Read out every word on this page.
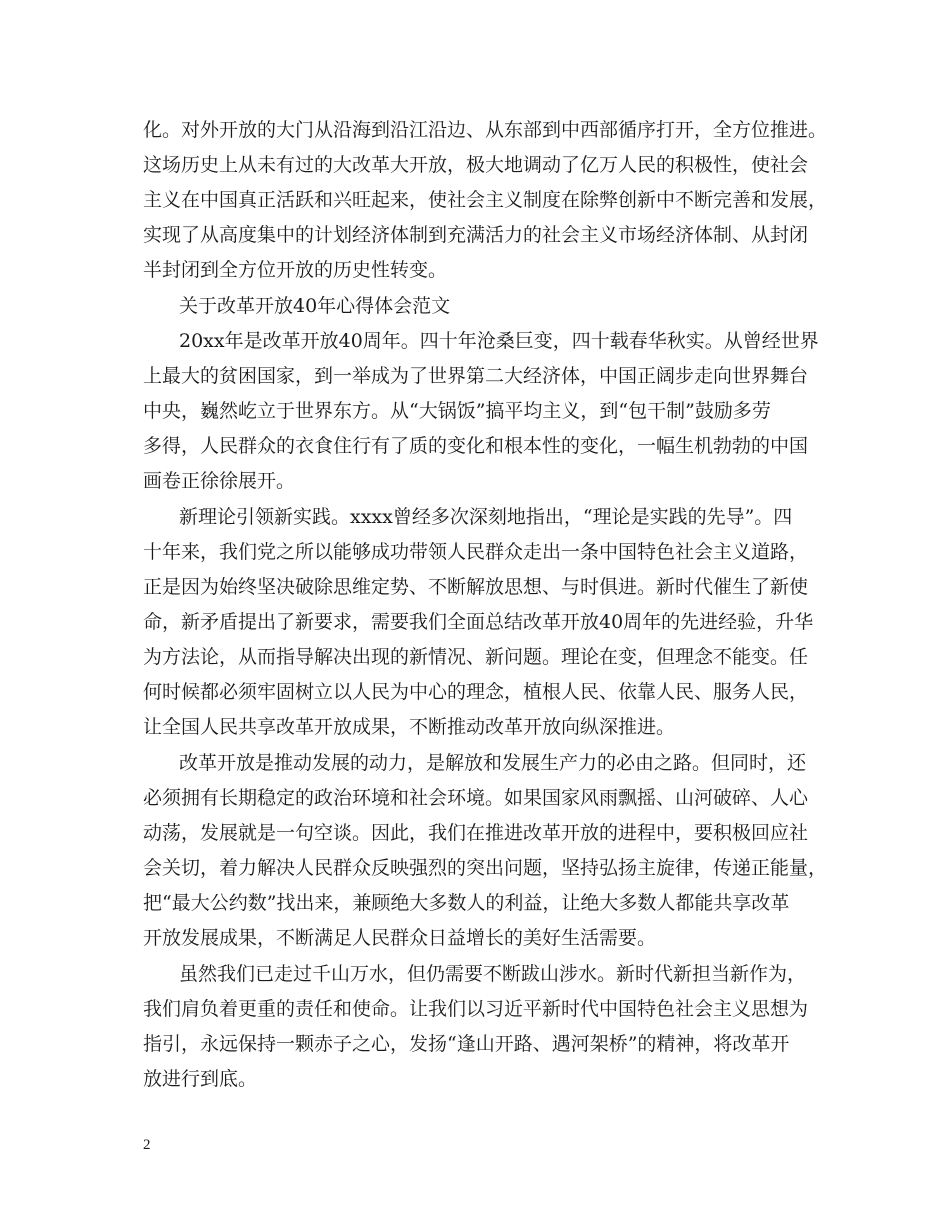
化。对外开放的大门从沿海到沿江沿边、从东部到中西部循序打开，全方位推进。
这场历史上从未有过的大改革大开放，极大地调动了亿万人民的积极性，使社会
主义在中国真正活跃和兴旺起来，使社会主义制度在除弊创新中不断完善和发展，
实现了从高度集中的计划经济体制到充满活力的社会主义市场经济体制、从封闭
半封闭到全方位开放的历史性转变。
关于改革开放40年心得体会范文
20xx年是改革开放40周年。四十年沧桑巨变，四十载春华秋实。从曾经世界
上最大的贫困国家，到一举成为了世界第二大经济体，中国正阔步走向世界舞台
中央，巍然屹立于世界东方。从“大锅饭”搞平均主义，到“包干制”鼓励多劳
多得，人民群众的衣食住行有了质的变化和根本性的变化，一幅生机勃勃的中国
画卷正徐徐展开。
新理论引领新实践。xxxx曾经多次深刻地指出，“理论是实践的先导”。四
十年来，我们党之所以能够成功带领人民群众走出一条中国特色社会主义道路，
正是因为始终坚决破除思维定势、不断解放思想、与时俱进。新时代催生了新使
命，新矛盾提出了新要求，需要我们全面总结改革开放40周年的先进经验，升华
为方法论，从而指导解决出现的新情况、新问题。理论在变，但理念不能变。任
何时候都必须牢固树立以人民为中心的理念，植根人民、依靠人民、服务人民，
让全国人民共享改革开放成果，不断推动改革开放向纵深推进。
改革开放是推动发展的动力，是解放和发展生产力的必由之路。但同时，还
必须拥有长期稳定的政治环境和社会环境。如果国家风雨飘摇、山河破碎、人心
动荡，发展就是一句空谈。因此，我们在推进改革开放的进程中，要积极回应社
会关切，着力解决人民群众反映强烈的突出问题，坚持弘扬主旋律，传递正能量，
把“最大公约数”找出来，兼顾绝大多数人的利益，让绝大多数人都能共享改革
开放发展成果，不断满足人民群众日益增长的美好生活需要。
虽然我们已走过千山万水，但仍需要不断跋山涉水。新时代新担当新作为，
我们肩负着更重的责任和使命。让我们以习近平新时代中国特色社会主义思想为
指引，永远保持一颗赤子之心，发扬“逢山开路、遇河架桥”的精神，将改革开
放进行到底。
2
